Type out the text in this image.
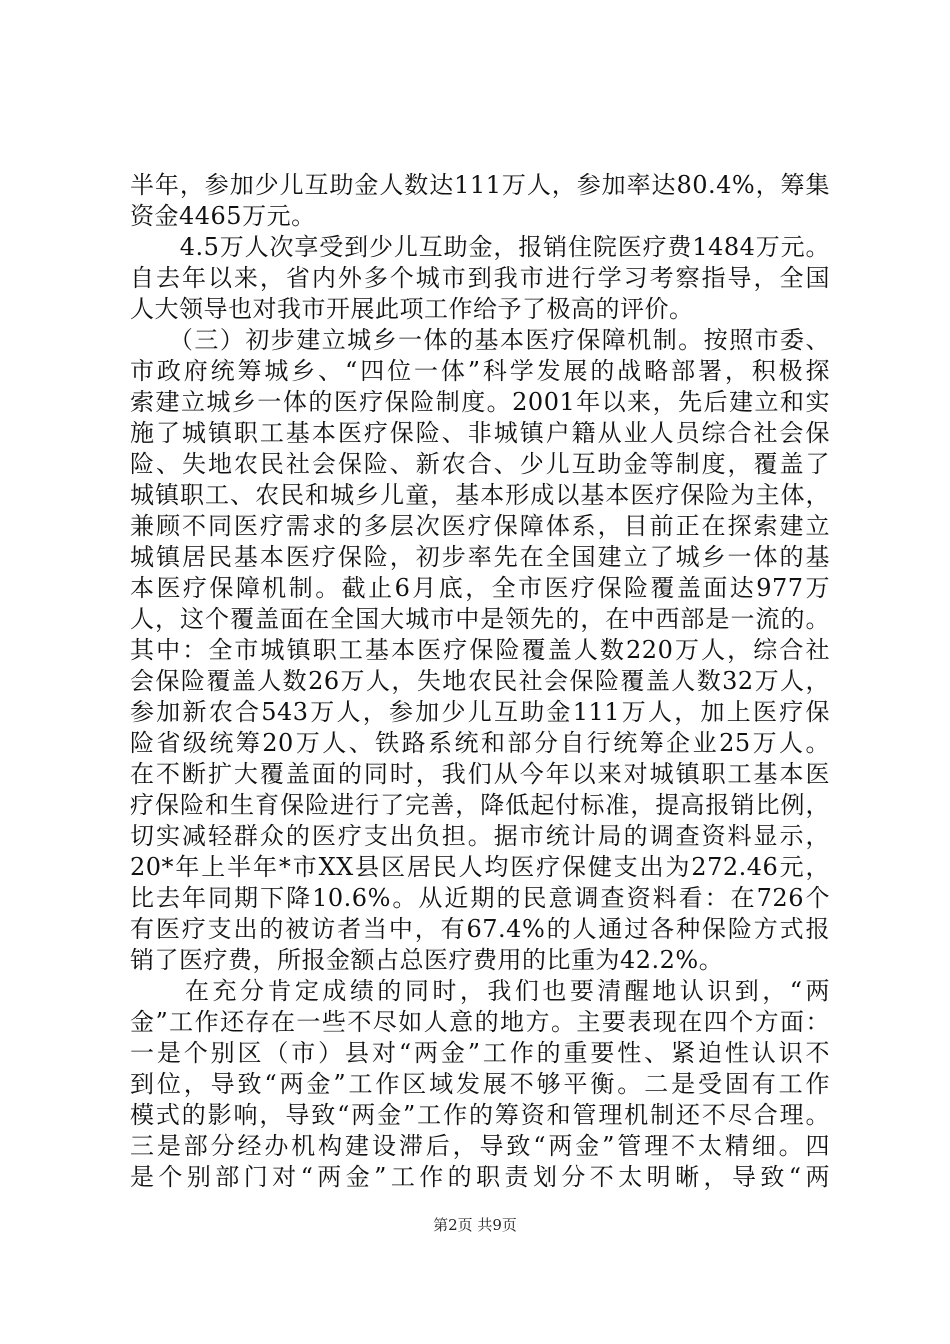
半年，参加少儿互助金人数达111万人，参加率达80.4%，筹集
资金4465万元。
　　4.5万人次享受到少儿互助金，报销住院医疗费1484万元。
自去年以来，省内外多个城市到我市进行学习考察指导，全国
人大领导也对我市开展此项工作给予了极高的评价。
　　（三）初步建立城乡一体的基本医疗保障机制。按照市委、
市政府统筹城乡、“四位一体”科学发展的战略部署，积极探
索建立城乡一体的医疗保险制度。2001年以来，先后建立和实
施了城镇职工基本医疗保险、非城镇户籍从业人员综合社会保
险、失地农民社会保险、新农合、少儿互助金等制度，覆盖了
城镇职工、农民和城乡儿童，基本形成以基本医疗保险为主体，
兼顾不同医疗需求的多层次医疗保障体系，目前正在探索建立
城镇居民基本医疗保险，初步率先在全国建立了城乡一体的基
本医疗保障机制。截止6月底，全市医疗保险覆盖面达977万
人，这个覆盖面在全国大城市中是领先的，在中西部是一流的。
其中：全市城镇职工基本医疗保险覆盖人数220万人，综合社
会保险覆盖人数26万人，失地农民社会保险覆盖人数32万人，
参加新农合543万人，参加少儿互助金111万人，加上医疗保
险省级统筹20万人、铁路系统和部分自行统筹企业25万人。
在不断扩大覆盖面的同时，我们从今年以来对城镇职工基本医
疗保险和生育保险进行了完善，降低起付标准，提高报销比例，
切实减轻群众的医疗支出负担。据市统计局的调查资料显示，
20*年上半年*市XX县区居民人均医疗保健支出为272.46元，
比去年同期下降10.6%。从近期的民意调查资料看：在726个
有医疗支出的被访者当中，有67.4%的人通过各种保险方式报
销了医疗费，所报金额占总医疗费用的比重为42.2%。
　　在充分肯定成绩的同时，我们也要清醒地认识到，“两
金”工作还存在一些不尽如人意的地方。主要表现在四个方面：
一是个别区（市）县对“两金”工作的重要性、紧迫性认识不
到位，导致“两金”工作区域发展不够平衡。二是受固有工作
模式的影响，导致“两金”工作的筹资和管理机制还不尽合理。
三是部分经办机构建设滞后，导致“两金”管理不太精细。四
是个别部门对“两金”工作的职责划分不太明晰，导致“两
第2页 共9页
